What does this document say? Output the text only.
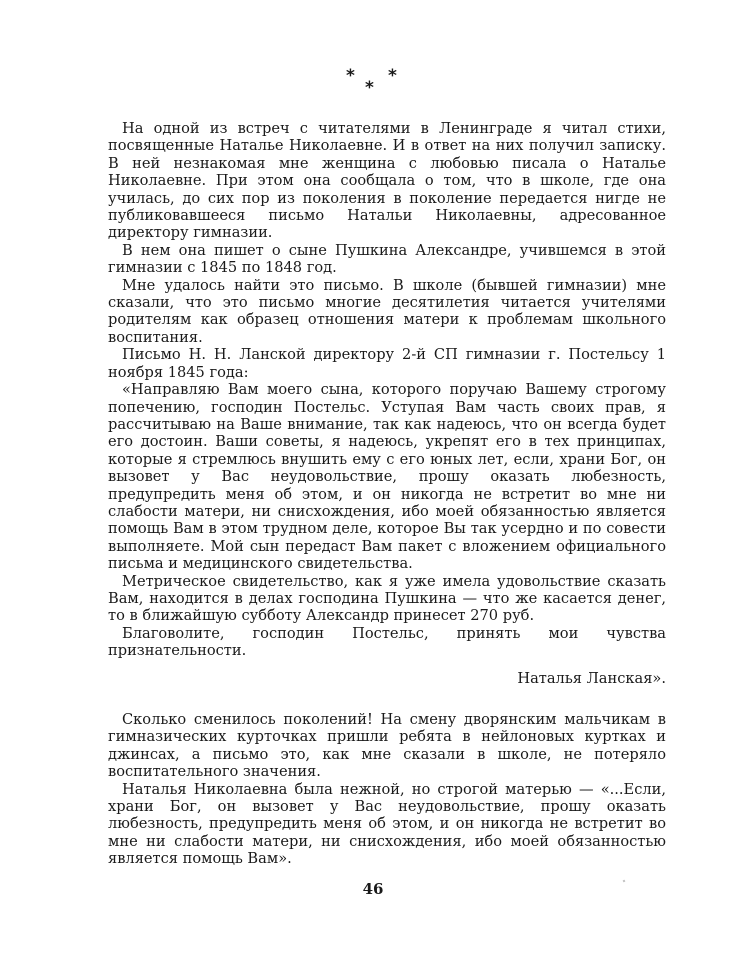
*
*
*

На одной из встреч с читателями в Ленинграде я читал стихи, посвященные Наталье Николаевне. И в ответ на них получил записку. В ней незнакомая мне женщина с любовью писала о Наталье Николаевне. При этом она сообщала о том, что в школе, где она училась, до сих пор из поколения в поколение передается нигде не публиковавшееся письмо Натальи Николаевны, адресованное директору гимназии.

В нем она пишет о сыне Пушкина Александре, учившемся в этой гимназии с 1845 по 1848 год.

Мне удалось найти это письмо. В школе (бывшей гимназии) мне сказали, что это письмо многие десятилетия читается учителями родителям как образец отношения матери к проблемам школьного воспитания.

Письмо Н. Н. Ланской директору 2-й СП гимназии г. Постельсу 1 ноября 1845 года:

«Направляю Вам моего сына, которого поручаю Вашему строгому попечению, господин Постельс. Уступая Вам часть своих прав, я рассчитываю на Ваше внимание, так как надеюсь, что он всегда будет его достоин. Ваши советы, я надеюсь, укрепят его в тех принципах, которые я стремлюсь внушить ему с его юных лет, если, храни Бог, он вызовет у Вас неудовольствие, прошу оказать любезность, предупредить меня об этом, и он никогда не встретит во мне ни слабости матери, ни снисхождения, ибо моей обязанностью является помощь Вам в этом трудном деле, которое Вы так усердно и по совести выполняете. Мой сын передаст Вам пакет с вложением официального письма и медицинского свидетельства.

Метрическое свидетельство, как я уже имела удовольствие сказать Вам, находится в делах господина Пушкина — что же касается денег, то в ближайшую субботу Александр принесет 270 руб.

Благоволите, господин Постельс, принять мои чувства признательности.

Наталья Ланская».

Сколько сменилось поколений! На смену дворянским мальчикам в гимназических курточках пришли ребята в нейлоновых куртках и джинсах, а письмо это, как мне сказали в школе, не потеряло воспитательного значения.

Наталья Николаевна была нежной, но строгой матерью — «...Если, храни Бог, он вызовет у Вас неудовольствие, прошу оказать любезность, предупредить меня об этом, и он никогда не встретит во мне ни слабости матери, ни снисхождения, ибо моей обязанностью является помощь Вам».

46
